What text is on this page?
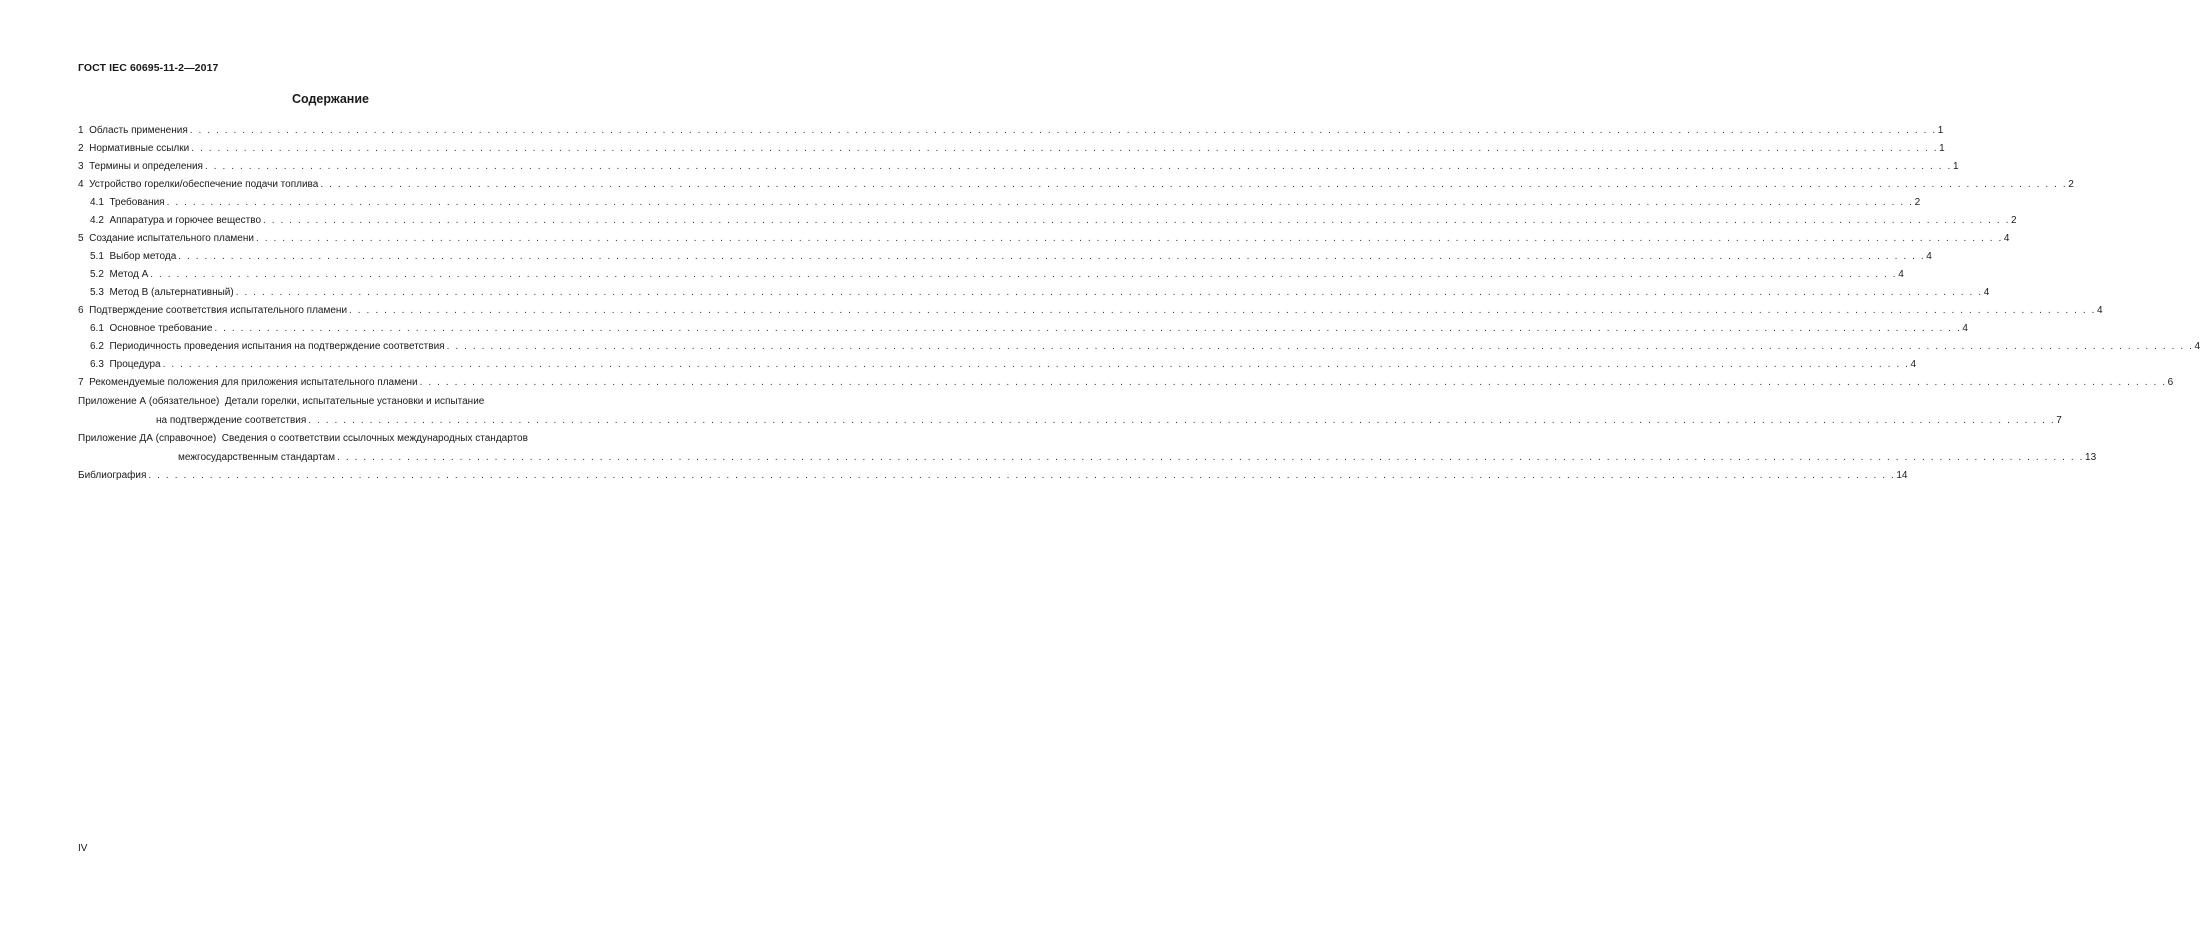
ГОСТ IEC 60695-11-2—2017
Содержание
1 Область применения . . . . . . . . . . . . . . . . . . . . . . . . . . . . . . . . . . . . . . . . . . . . . . . . . . . . . . . . . . . . . . . . . . . . . . . . . . . . . . . . . . . . . . . . . . . . . . . . . . . . . . . . . . . . . . . . . . . . . . . . . . . . . . . . . . . . . . . . . . . . . . . . . . . . . . . . . . . . . . . . . . . . . . . . . . . . . . . . . . . . . . . . . . . . . . . . . . . . . . . . 1
2 Нормативные ссылки . . . . . . . . . . . . . . . . . . . . . . . . . . . . . . . . . . . . . . . . . . . . . . . . . . . . . . . . . . . . . . . . . . . . . . . . . . . . . . . . . . . . . . . . . . . . . . . . . . . . . . . . . . . . . . . . . . . . . . . . . . . . . . . . . . . . . . . . . . . . . . . . . . . . . . . . . . . . . . . . . . . . . . . . . . . . . . . . . . . . . . . . . . . . . . . . . . . . . . . . 1
3 Термины и определения . . . . . . . . . . . . . . . . . . . . . . . . . . . . . . . . . . . . . . . . . . . . . . . . . . . . . . . . . . . . . . . . . . . . . . . . . . . . . . . . . . . . . . . . . . . . . . . . . . . . . . . . . . . . . . . . . . . . . . . . . . . . . . . . . . . . . . . . . . . . . . . . . . . . . . . . . . . . . . . . . . . . . . . . . . . . . . . . . . . . . . . . . . . . . . . . . . . . . . . . 1
4 Устройство горелки/обеспечение подачи топлива . . . . . . . . . . . . . . . . . . . . . . . . . . . . . . . . . . . . . . . . . . . . . . . . . . . . . . . . . . . . . . . . . . . . . . . . . . . . . . . . . . . . . . . . . . . . . . . . . . . . . . . . . . . . . . . . . . . . . . . . . . . . . . . . . . . . . . . . . . . . . . . . . . . . . . . . . . . . . . . . . . . . . . . . . . . . . . . . . . . . . . . . . . . . . . . . . . . . . . . . 2
4.1 Требования . . . . . . . . . . . . . . . . . . . . . . . . . . . . . . . . . . . . . . . . . . . . . . . . . . . . . . . . . . . . . . . . . . . . . . . . . . . . . . . . . . . . . . . . . . . . . . . . . . . . . . . . . . . . . . . . . . . . . . . . . . . . . . . . . . . . . . . . . . . . . . . . . . . . . . . . . . . . . . . . . . . . . . . . . . . . . . . . . . . . . . . . . . . . . . . . . . . . . . . . 2
4.2 Аппаратура и горючее вещество . . . . . . . . . . . . . . . . . . . . . . . . . . . . . . . . . . . . . . . . . . . . . . . . . . . . . . . . . . . . . . . . . . . . . . . . . . . . . . . . . . . . . . . . . . . . . . . . . . . . . . . . . . . . . . . . . . . . . . . . . . . . . . . . . . . . . . . . . . . . . . . . . . . . . . . . . . . . . . . . . . . . . . . . . . . . . . . . . . . . . . . . . . . . . . . . . . . . . . . . 2
5 Создание испытательного пламени . . . . . . . . . . . . . . . . . . . . . . . . . . . . . . . . . . . . . . . . . . . . . . . . . . . . . . . . . . . . . . . . . . . . . . . . . . . . . . . . . . . . . . . . . . . . . . . . . . . . . . . . . . . . . . . . . . . . . . . . . . . . . . . . . . . . . . . . . . . . . . . . . . . . . . . . . . . . . . . . . . . . . . . . . . . . . . . . . . . . . . . . . . . . . . . . . . . . . . . . 4
5.1 Выбор метода . . . . . . . . . . . . . . . . . . . . . . . . . . . . . . . . . . . . . . . . . . . . . . . . . . . . . . . . . . . . . . . . . . . . . . . . . . . . . . . . . . . . . . . . . . . . . . . . . . . . . . . . . . . . . . . . . . . . . . . . . . . . . . . . . . . . . . . . . . . . . . . . . . . . . . . . . . . . . . . . . . . . . . . . . . . . . . . . . . . . . . . . . . . . . . . . . . . . . . . . 4
5.2 Метод А . . . . . . . . . . . . . . . . . . . . . . . . . . . . . . . . . . . . . . . . . . . . . . . . . . . . . . . . . . . . . . . . . . . . . . . . . . . . . . . . . . . . . . . . . . . . . . . . . . . . . . . . . . . . . . . . . . . . . . . . . . . . . . . . . . . . . . . . . . . . . . . . . . . . . . . . . . . . . . . . . . . . . . . . . . . . . . . . . . . . . . . . . . . . . . . . . . . . . . . . 4
5.3 Метод В (альтернативный) . . . . . . . . . . . . . . . . . . . . . . . . . . . . . . . . . . . . . . . . . . . . . . . . . . . . . . . . . . . . . . . . . . . . . . . . . . . . . . . . . . . . . . . . . . . . . . . . . . . . . . . . . . . . . . . . . . . . . . . . . . . . . . . . . . . . . . . . . . . . . . . . . . . . . . . . . . . . . . . . . . . . . . . . . . . . . . . . . . . . . . . . . . . . . . . . . . . . . . . . 4
6 Подтверждение соответствия испытательного пламени . . . . . . . . . . . . . . . . . . . . . . . . . . . . . . . . . . . . . . . . . . . . . . . . . . . . . . . . . . . . . . . . . . . . . . . . . . . . . . . . . . . . . . . . . . . . . . . . . . . . . . . . . . . . . . . . . . . . . . . . . . . . . . . . . . . . . . . . . . . . . . . . . . . . . . . . . . . . . . . . . . . . . . . . . . . . . . . . . . . . . . . . . . . . . . . . . . . . . . . . 4
6.1 Основное требование . . . . . . . . . . . . . . . . . . . . . . . . . . . . . . . . . . . . . . . . . . . . . . . . . . . . . . . . . . . . . . . . . . . . . . . . . . . . . . . . . . . . . . . . . . . . . . . . . . . . . . . . . . . . . . . . . . . . . . . . . . . . . . . . . . . . . . . . . . . . . . . . . . . . . . . . . . . . . . . . . . . . . . . . . . . . . . . . . . . . . . . . . . . . . . . . . . . . . . . . 4
6.2 Периодичность проведения испытания на подтверждение соответствия . . . . . . . . . . . . . . . . . . . . . . . . . . . . . . . . . . . . . . . . . . . . . . . . . . . . . . . . . . . . . . . . . . . . . . . . . . . . . . . . . . . . . . . . . . . . . . . . . . . . . . . . . . . . . . . . . . . . . . . . . . . . . . . . . . . . . . . . . . . . . . . . . . . . . . . . . . . . . . . . . . . . . . . . . . . . . . . . . . . . . . . . . . . . . . . . . . . . . . . . 4
6.3 Процедура . . . . . . . . . . . . . . . . . . . . . . . . . . . . . . . . . . . . . . . . . . . . . . . . . . . . . . . . . . . . . . . . . . . . . . . . . . . . . . . . . . . . . . . . . . . . . . . . . . . . . . . . . . . . . . . . . . . . . . . . . . . . . . . . . . . . . . . . . . . . . . . . . . . . . . . . . . . . . . . . . . . . . . . . . . . . . . . . . . . . . . . . . . . . . . . . . . . . . . . . 4
7 Рекомендуемые положения для приложения испытательного пламени . . . . . . . . . . . . . . . . . . . . . . . . . . . . . . . . . . . . . . . . . . . . . . . . . . . . . . . . . . . . . . . . . . . . . . . . . . . . . . . . . . . . . . . . . . . . . . . . . . . . . . . . . . . . . . . . . . . . . . . . . . . . . . . . . . . . . . . . . . . . . . . . . . . . . . . . . . . . . . . . . . . . . . . . . . . . . . . . . . . . . . . . . . . . . . . . . . . . . . . . 6
Приложение А (обязательное)  Детали горелки, испытательные установки и испытание
на подтверждение соответствия . . . . . . . . . . . . . . . . . . . . . . . . . . . . . . . . . . . . . . . . . . . . . . . . . . . . . . . . . . . . . . . . . . . . . . . . . . . . . . . . . . . . . . . . . . . . . . . . . . . . . . . . . . . . . . . . . . . . . . . . . . . . . . . . . . . . . . . . . . . . . . . . . . . . . . . . . . . . . . . . . . . . . . . . . . . . . . . . . . . . . . . . . . . . . . . . . . . . . . . . 7
Приложение ДА (справочное)  Сведения о соответствии ссылочных международных стандартов
межгосударственным стандартам . . . . . . . . . . . . . . . . . . . . . . . . . . . . . . . . . . . . . . . . . . . . . . . . . . . . . . . . . . . . . . . . . . . . . . . . . . . . . . . . . . . . . . . . . . . . . . . . . . . . . . . . . . . . . . . . . . . . . . . . . . . . . . . . . . . . . . . . . . . . . . . . . . . . . . . . . . . . . . . . . . . . . . . . . . . . . . . . . . . . . . . . . . . . . . . . . . . . . . . . 13
Библиография . . . . . . . . . . . . . . . . . . . . . . . . . . . . . . . . . . . . . . . . . . . . . . . . . . . . . . . . . . . . . . . . . . . . . . . . . . . . . . . . . . . . . . . . . . . . . . . . . . . . . . . . . . . . . . . . . . . . . . . . . . . . . . . . . . . . . . . . . . . . . . . . . . . . . . . . . . . . . . . . . . . . . . . . . . . . . . . . . . . . . . . . . . . . . . . . . . . . . . . . 14
IV
